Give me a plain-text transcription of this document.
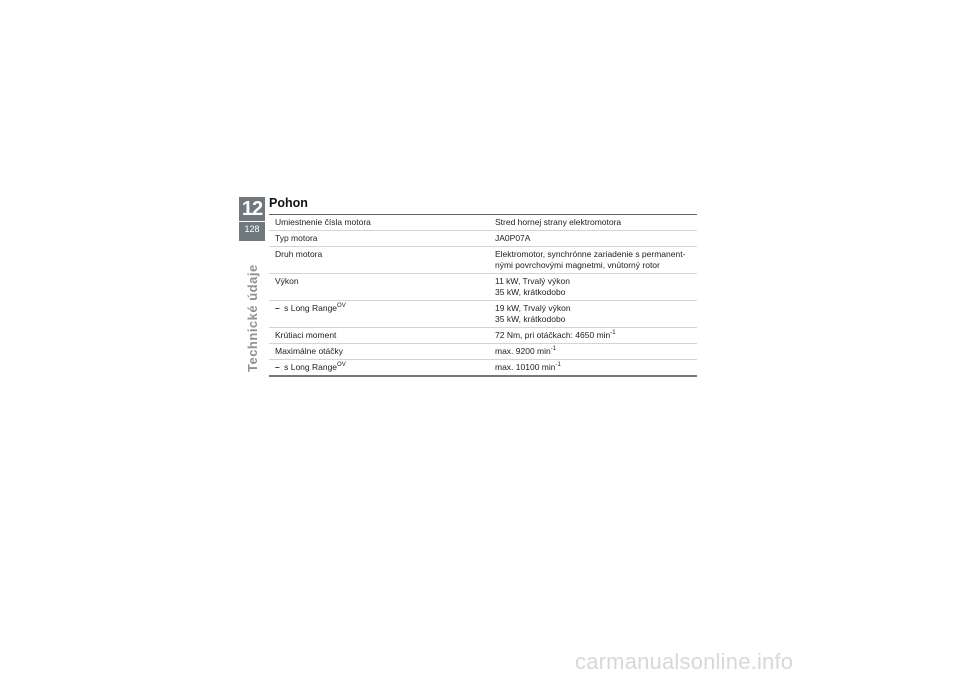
12
128
Technické údaje
Pohon
Umiestnenie čísla motora	Stred hornej strany elektromotora
Typ motora	JA0P07A
Druh motora	Elektromotor, synchrónne zariadenie s permanent-
nými povrchovými magnetmi, vnútorný rotor
Výkon	11 kW, Trvalý výkon
35 kW, krátkodobo
– s Long Range$^{OV}$	19 kW, Trvalý výkon
35 kW, krátkodobo
Krútiaci moment	72 Nm, pri otáčkach: 4650 $\min^{-1}$
Maximálne otáčky	max. 9200 $\min^{-1}$
– s Long Range$^{OV}$	max. 10100 $\min^{-1}$
carmanualsonline.info
